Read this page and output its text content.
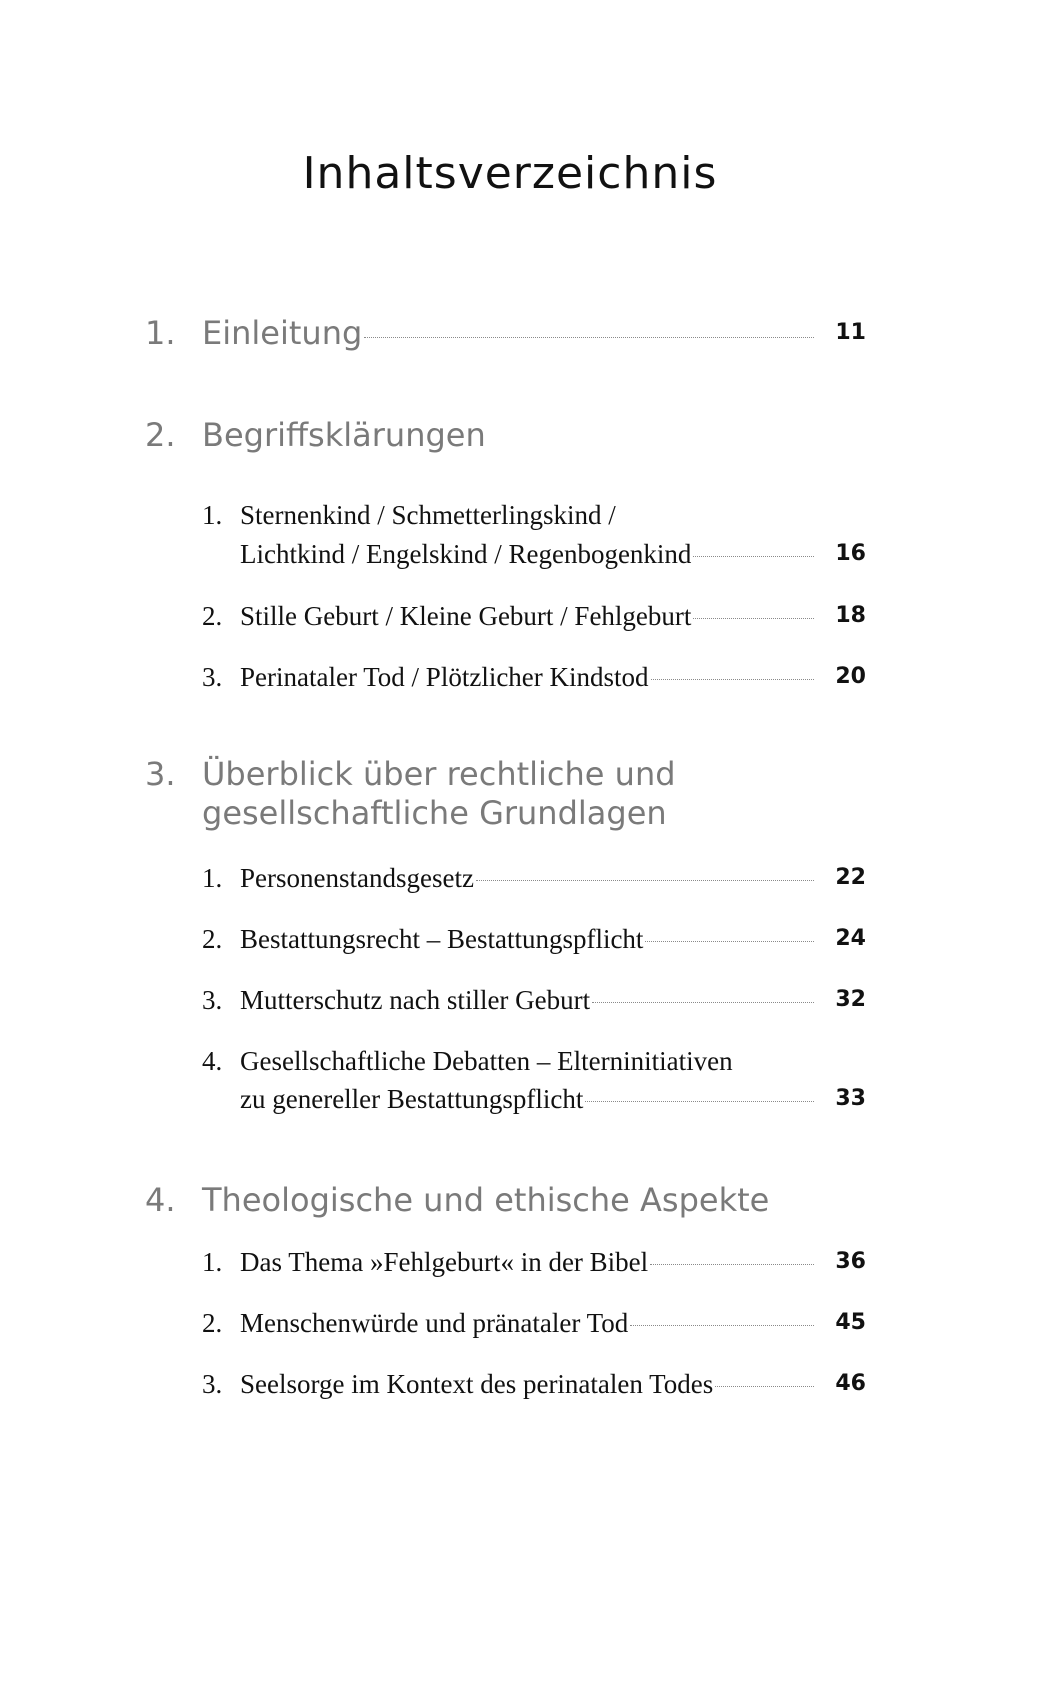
Inhaltsverzeichnis
1. Einleitung	11
2. Begriffsklärungen
1. Sternenkind / Schmetterlingskind /
Lichtkind / Engelskind / Regenbogenkind	16
2. Stille Geburt / Kleine Geburt / Fehlgeburt	18
3. Perinataler Tod / Plötzlicher Kindstod	20
3. Überblick über rechtliche und
gesellschaftliche Grundlagen
1. Personenstandsgesetz	22
2. Bestattungsrecht – Bestattungspflicht	24
3. Mutterschutz nach stiller Geburt	32
4. Gesellschaftliche Debatten – Elterninitiativen
zu genereller Bestattungspflicht	33
4. Theologische und ethische Aspekte
1. Das Thema »Fehlgeburt« in der Bibel	36
2. Menschenwürde und pränataler Tod	45
3. Seelsorge im Kontext des perinatalen Todes	46
